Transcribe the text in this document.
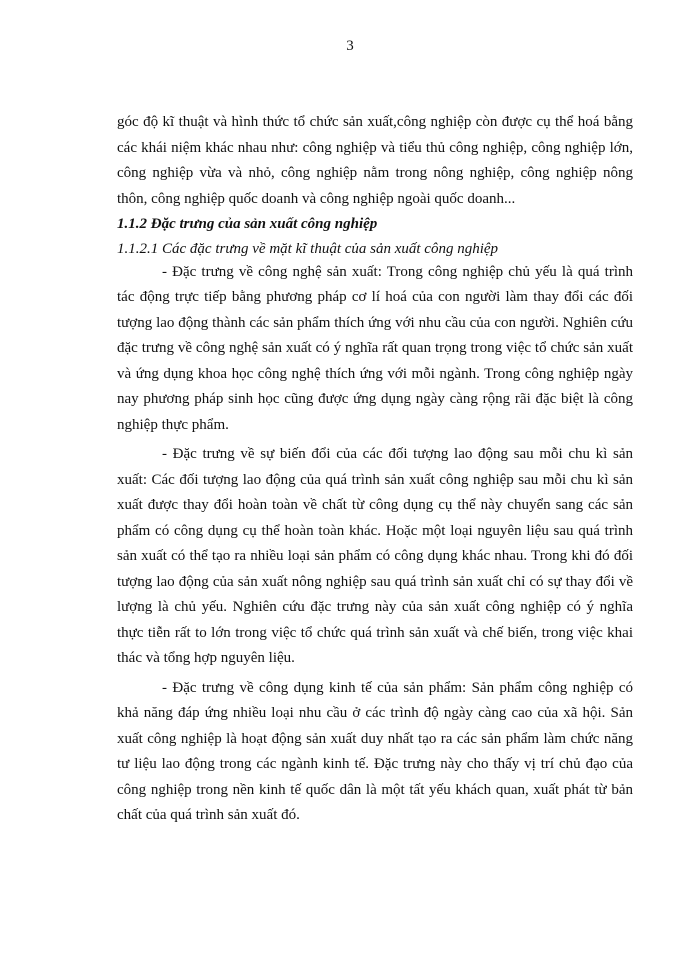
3

góc độ kĩ thuật và hình thức tổ chức sản xuất,công nghiệp còn được cụ thể hoá bằng các khái niệm khác nhau như: công nghiệp và tiểu thủ công nghiệp, công nghiệp lớn, công nghiệp vừa và nhỏ, công nghiệp nằm trong nông nghiệp, công nghiệp nông thôn, công nghiệp quốc doanh và công nghiệp ngoài quốc doanh...

1.1.2 Đặc trưng của sản xuất công nghiệp

1.1.2.1 Các đặc trưng về mặt kĩ thuật của sản xuất công nghiệp

- Đặc trưng về công nghệ sản xuất: Trong công nghiệp chủ yếu là quá trình tác động trực tiếp bằng phương pháp cơ lí hoá của con người làm thay đổi các đối tượng lao động thành các sản phẩm thích ứng với nhu cầu của con người. Nghiên cứu đặc trưng về công nghệ sản xuất có ý nghĩa rất quan trọng trong việc tổ chức sản xuất và ứng dụng khoa học công nghệ thích ứng với mỗi ngành. Trong công nghiệp ngày nay phương pháp sinh học cũng được ứng dụng ngày càng rộng rãi đặc biệt là công nghiệp thực phẩm.

- Đặc trưng về sự biến đổi của các đối tượng lao động sau mỗi chu kì sản xuất: Các đối tượng lao động của quá trình sản xuất công nghiệp sau mỗi chu kì sản xuất được thay đổi hoàn toàn về chất từ công dụng cụ thể này chuyển sang các sản phẩm có công dụng cụ thể hoàn toàn khác. Hoặc một loại nguyên liệu sau quá trình sản xuất có thể tạo ra nhiều loại sản phẩm có công dụng khác nhau. Trong khi đó đối tượng lao động của sản xuất nông nghiệp sau quá trình sản xuất chỉ có sự thay đổi về lượng là chủ yếu. Nghiên cứu đặc trưng này của sản xuất công nghiệp có ý nghĩa thực tiễn rất to lớn trong việc tổ chức quá trình sản xuất và chế biến, trong việc khai thác và tổng hợp nguyên liệu.

- Đặc trưng về công dụng kinh tế của sản phẩm: Sản phẩm công nghiệp có khả năng đáp ứng nhiều loại nhu cầu ở các trình độ ngày càng cao của xã hội. Sản xuất công nghiệp là hoạt động sản xuất duy nhất tạo ra các sản phẩm làm chức năng tư liệu lao động trong các ngành kinh tế. Đặc trưng này cho thấy vị trí chủ đạo của công nghiệp trong nền kinh tế quốc dân là một tất yếu khách quan, xuất phát từ bản chất của quá trình sản xuất đó.
